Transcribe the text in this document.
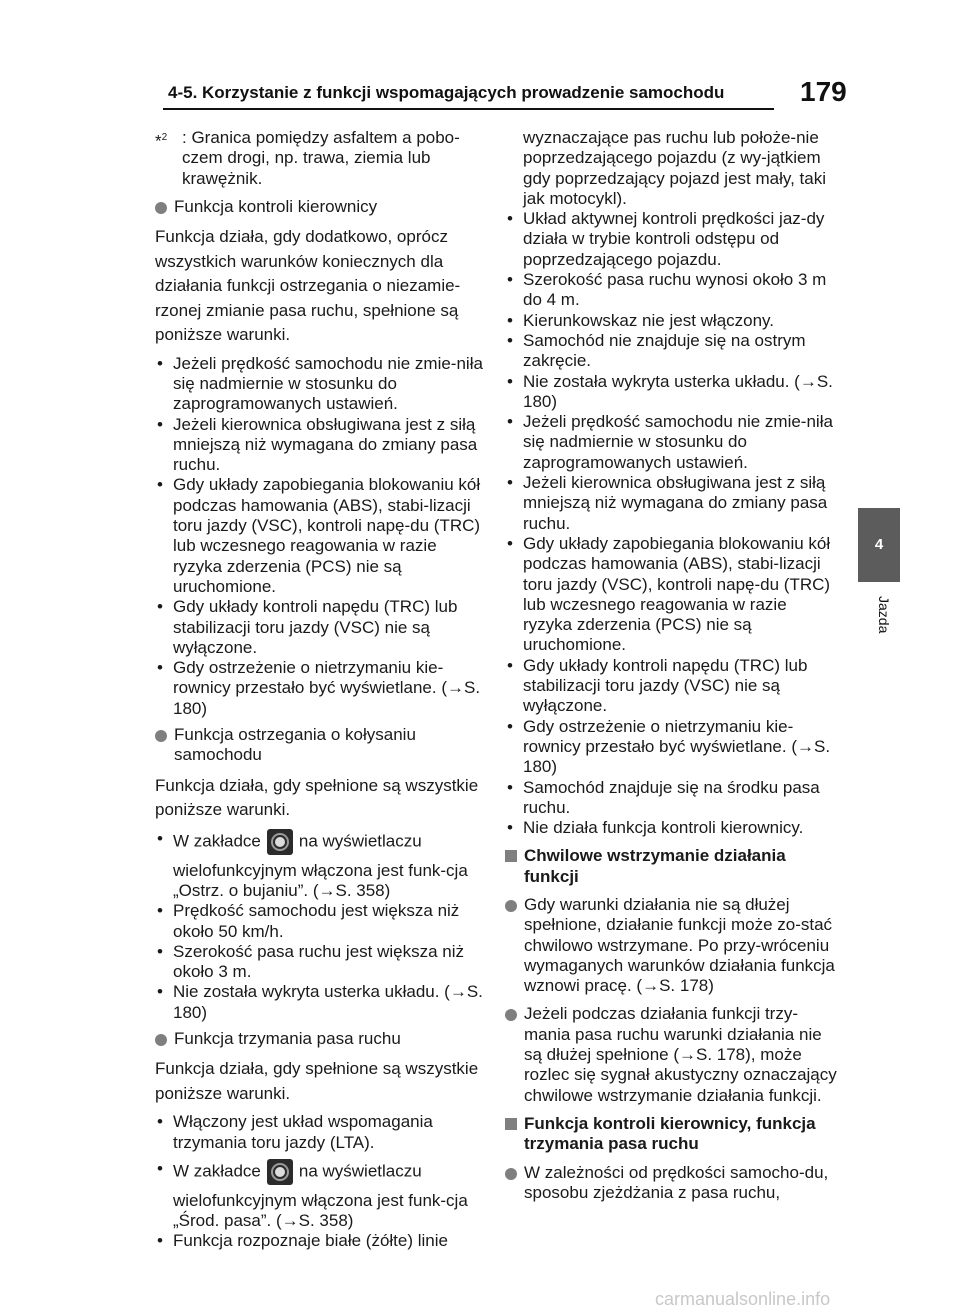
4-5. Korzystanie z funkcji wspomagających prowadzenie samochodu	179
4
Jazda
*$^2$ : Granica pomiędzy asfaltem a pobo-
czem drogi, np. trawa, ziemia lub
krawężnik.
Funkcja kontroli kierownicy
Funkcja działa, gdy dodatkowo, oprócz wszystkich warunków koniecznych dla działania funkcji ostrzegania o niezamie-rzonej zmianie pasa ruchu, spełnione są poniższe warunki.
• Jeżeli prędkość samochodu nie zmie-niła się nadmiernie w stosunku do zaprogramowanych ustawień.
• Jeżeli kierownica obsługiwana jest z siłą mniejszą niż wymagana do zmiany pasa ruchu.
• Gdy układy zapobiegania blokowaniu kół podczas hamowania (ABS), stabi-lizacji toru jazdy (VSC), kontroli napę-du (TRC) lub wczesnego reagowania w razie ryzyka zderzenia (PCS) nie są uruchomione.
• Gdy układy kontroli napędu (TRC) lub stabilizacji toru jazdy (VSC) nie są wyłączone.
• Gdy ostrzeżenie o nietrzymaniu kie-rownicy przestało być wyświetlane. (→S. 180)
Funkcja ostrzegania o kołysaniu samochodu
Funkcja działa, gdy spełnione są wszystkie poniższe warunki.
• W zakładce na wyświetlaczu
wielofunkcyjnym włączona jest funk-cja „Ostrz. o bujaniu”. (→S. 358)
• Prędkość samochodu jest większa niż około 50 km/h.
• Szerokość pasa ruchu jest większa niż około 3 m.
• Nie została wykryta usterka układu. (→S. 180)
Funkcja trzymania pasa ruchu
Funkcja działa, gdy spełnione są wszystkie poniższe warunki.
• Włączony jest układ wspomagania trzymania toru jazdy (LTA).
• W zakładce na wyświetlaczu
wielofunkcyjnym włączona jest funk-cja „Środ. pasa”. (→S. 358)
• Funkcja rozpoznaje białe (żółte) linie
wyznaczające pas ruchu lub położe-nie poprzedzającego pojazdu (z wy-jątkiem gdy poprzedzający pojazd jest mały, taki jak motocykl).
• Układ aktywnej kontroli prędkości jaz-dy działa w trybie kontroli odstępu od poprzedzającego pojazdu.
• Szerokość pasa ruchu wynosi około 3 m do 4 m.
• Kierunkowskaz nie jest włączony.
• Samochód nie znajduje się na ostrym zakręcie.
• Nie została wykryta usterka układu. (→S. 180)
• Jeżeli prędkość samochodu nie zmie-niła się nadmiernie w stosunku do zaprogramowanych ustawień.
• Jeżeli kierownica obsługiwana jest z siłą mniejszą niż wymagana do zmiany pasa ruchu.
• Gdy układy zapobiegania blokowaniu kół podczas hamowania (ABS), stabi-lizacji toru jazdy (VSC), kontroli napę-du (TRC) lub wczesnego reagowania w razie ryzyka zderzenia (PCS) nie są uruchomione.
• Gdy układy kontroli napędu (TRC) lub stabilizacji toru jazdy (VSC) nie są wyłączone.
• Gdy ostrzeżenie o nietrzymaniu kie-rownicy przestało być wyświetlane. (→S. 180)
• Samochód znajduje się na środku pasa ruchu.
• Nie działa funkcja kontroli kierownicy.
Chwilowe wstrzymanie działania funkcji
Gdy warunki działania nie są dłużej spełnione, działanie funkcji może zo-stać chwilowo wstrzymane. Po przy-wróceniu wymaganych warunków działania funkcja wznowi pracę. (→S. 178)
Jeżeli podczas działania funkcji trzy-mania pasa ruchu warunki działania nie są dłużej spełnione (→S. 178), może rozlec się sygnał akustyczny oznaczający chwilowe wstrzymanie działania funkcji.
Funkcja kontroli kierownicy, funkcja trzymania pasa ruchu
W zależności od prędkości samocho-du, sposobu zjeżdżania z pasa ruchu,
carmanualsonline.info
